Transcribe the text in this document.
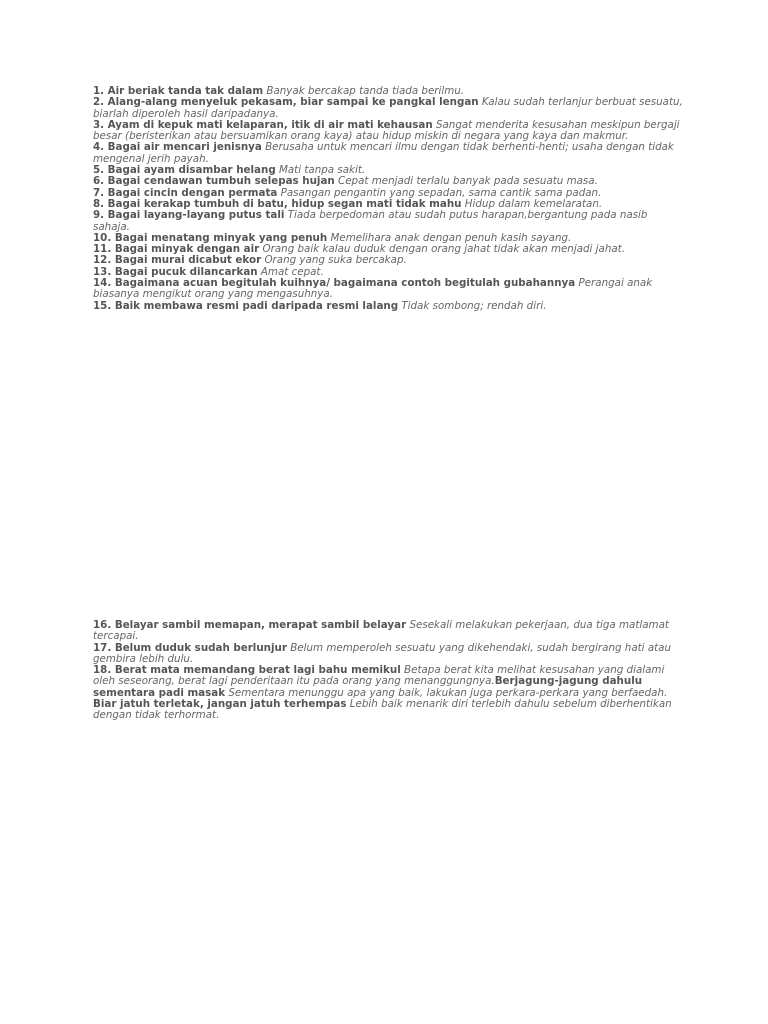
1. Air beriak tanda tak dalam Banyak bercakap tanda tiada berilmu.

2. Alang-alang menyeluk pekasam, biar sampai ke pangkal lengan Kalau sudah terlanjur berbuat sesuatu, biarlah diperoleh hasil daripadanya.

3. Ayam di kepuk mati kelaparan, itik di air mati kehausan Sangat menderita kesusahan meskipun bergaji besar (beristerikan atau bersuamikan orang kaya) atau hidup miskin di negara yang kaya dan makmur.

4. Bagai air mencari jenisnya Berusaha untuk mencari ilmu dengan tidak berhenti-henti; usaha dengan tidak mengenal jerih payah.

5. Bagai ayam disambar helang Mati tanpa sakit.

6. Bagai cendawan tumbuh selepas hujan Cepat menjadi terlalu banyak pada sesuatu masa.

7. Bagai cincin dengan permata Pasangan pengantin yang sepadan, sama cantik sama padan.

8. Bagai kerakap tumbuh di batu, hidup segan mati tidak mahu Hidup dalam kemelaratan.

9. Bagai layang-layang putus tali Tiada berpedoman atau sudah putus harapan,bergantung pada nasib sahaja.

10. Bagai menatang minyak yang penuh Memelihara anak dengan penuh kasih sayang.

11. Bagai minyak dengan air Orang baik kalau duduk dengan orang jahat tidak akan menjadi jahat.

12. Bagai murai dicabut ekor Orang yang suka bercakap.

13. Bagai pucuk dilancarkan Amat cepat.

14. Bagaimana acuan begitulah kuihnya/ bagaimana contoh begitulah gubahannya Perangai anak biasanya mengikut orang yang mengasuhnya.

15. Baik membawa resmi padi daripada resmi lalang Tidak sombong; rendah diri.

16. Belayar sambil memapan, merapat sambil belayar Sesekali melakukan pekerjaan, dua tiga matlamat tercapai.

17. Belum duduk sudah berlunjur Belum memperoleh sesuatu yang dikehendaki, sudah bergirang hati atau gembira lebih dulu.

18. Berat mata memandang berat lagi bahu memikul Betapa berat kita melihat kesusahan yang dialami oleh seseorang, berat lagi penderitaan itu pada orang yang menanggungnya.Berjagung-jagung dahulu sementara padi masak Sementara menunggu apa yang baik, lakukan juga perkara-perkara yang berfaedah. Biar jatuh terletak, jangan jatuh terhempas Lebih baik menarik diri terlebih dahulu sebelum diberhentikan dengan tidak terhormat.
